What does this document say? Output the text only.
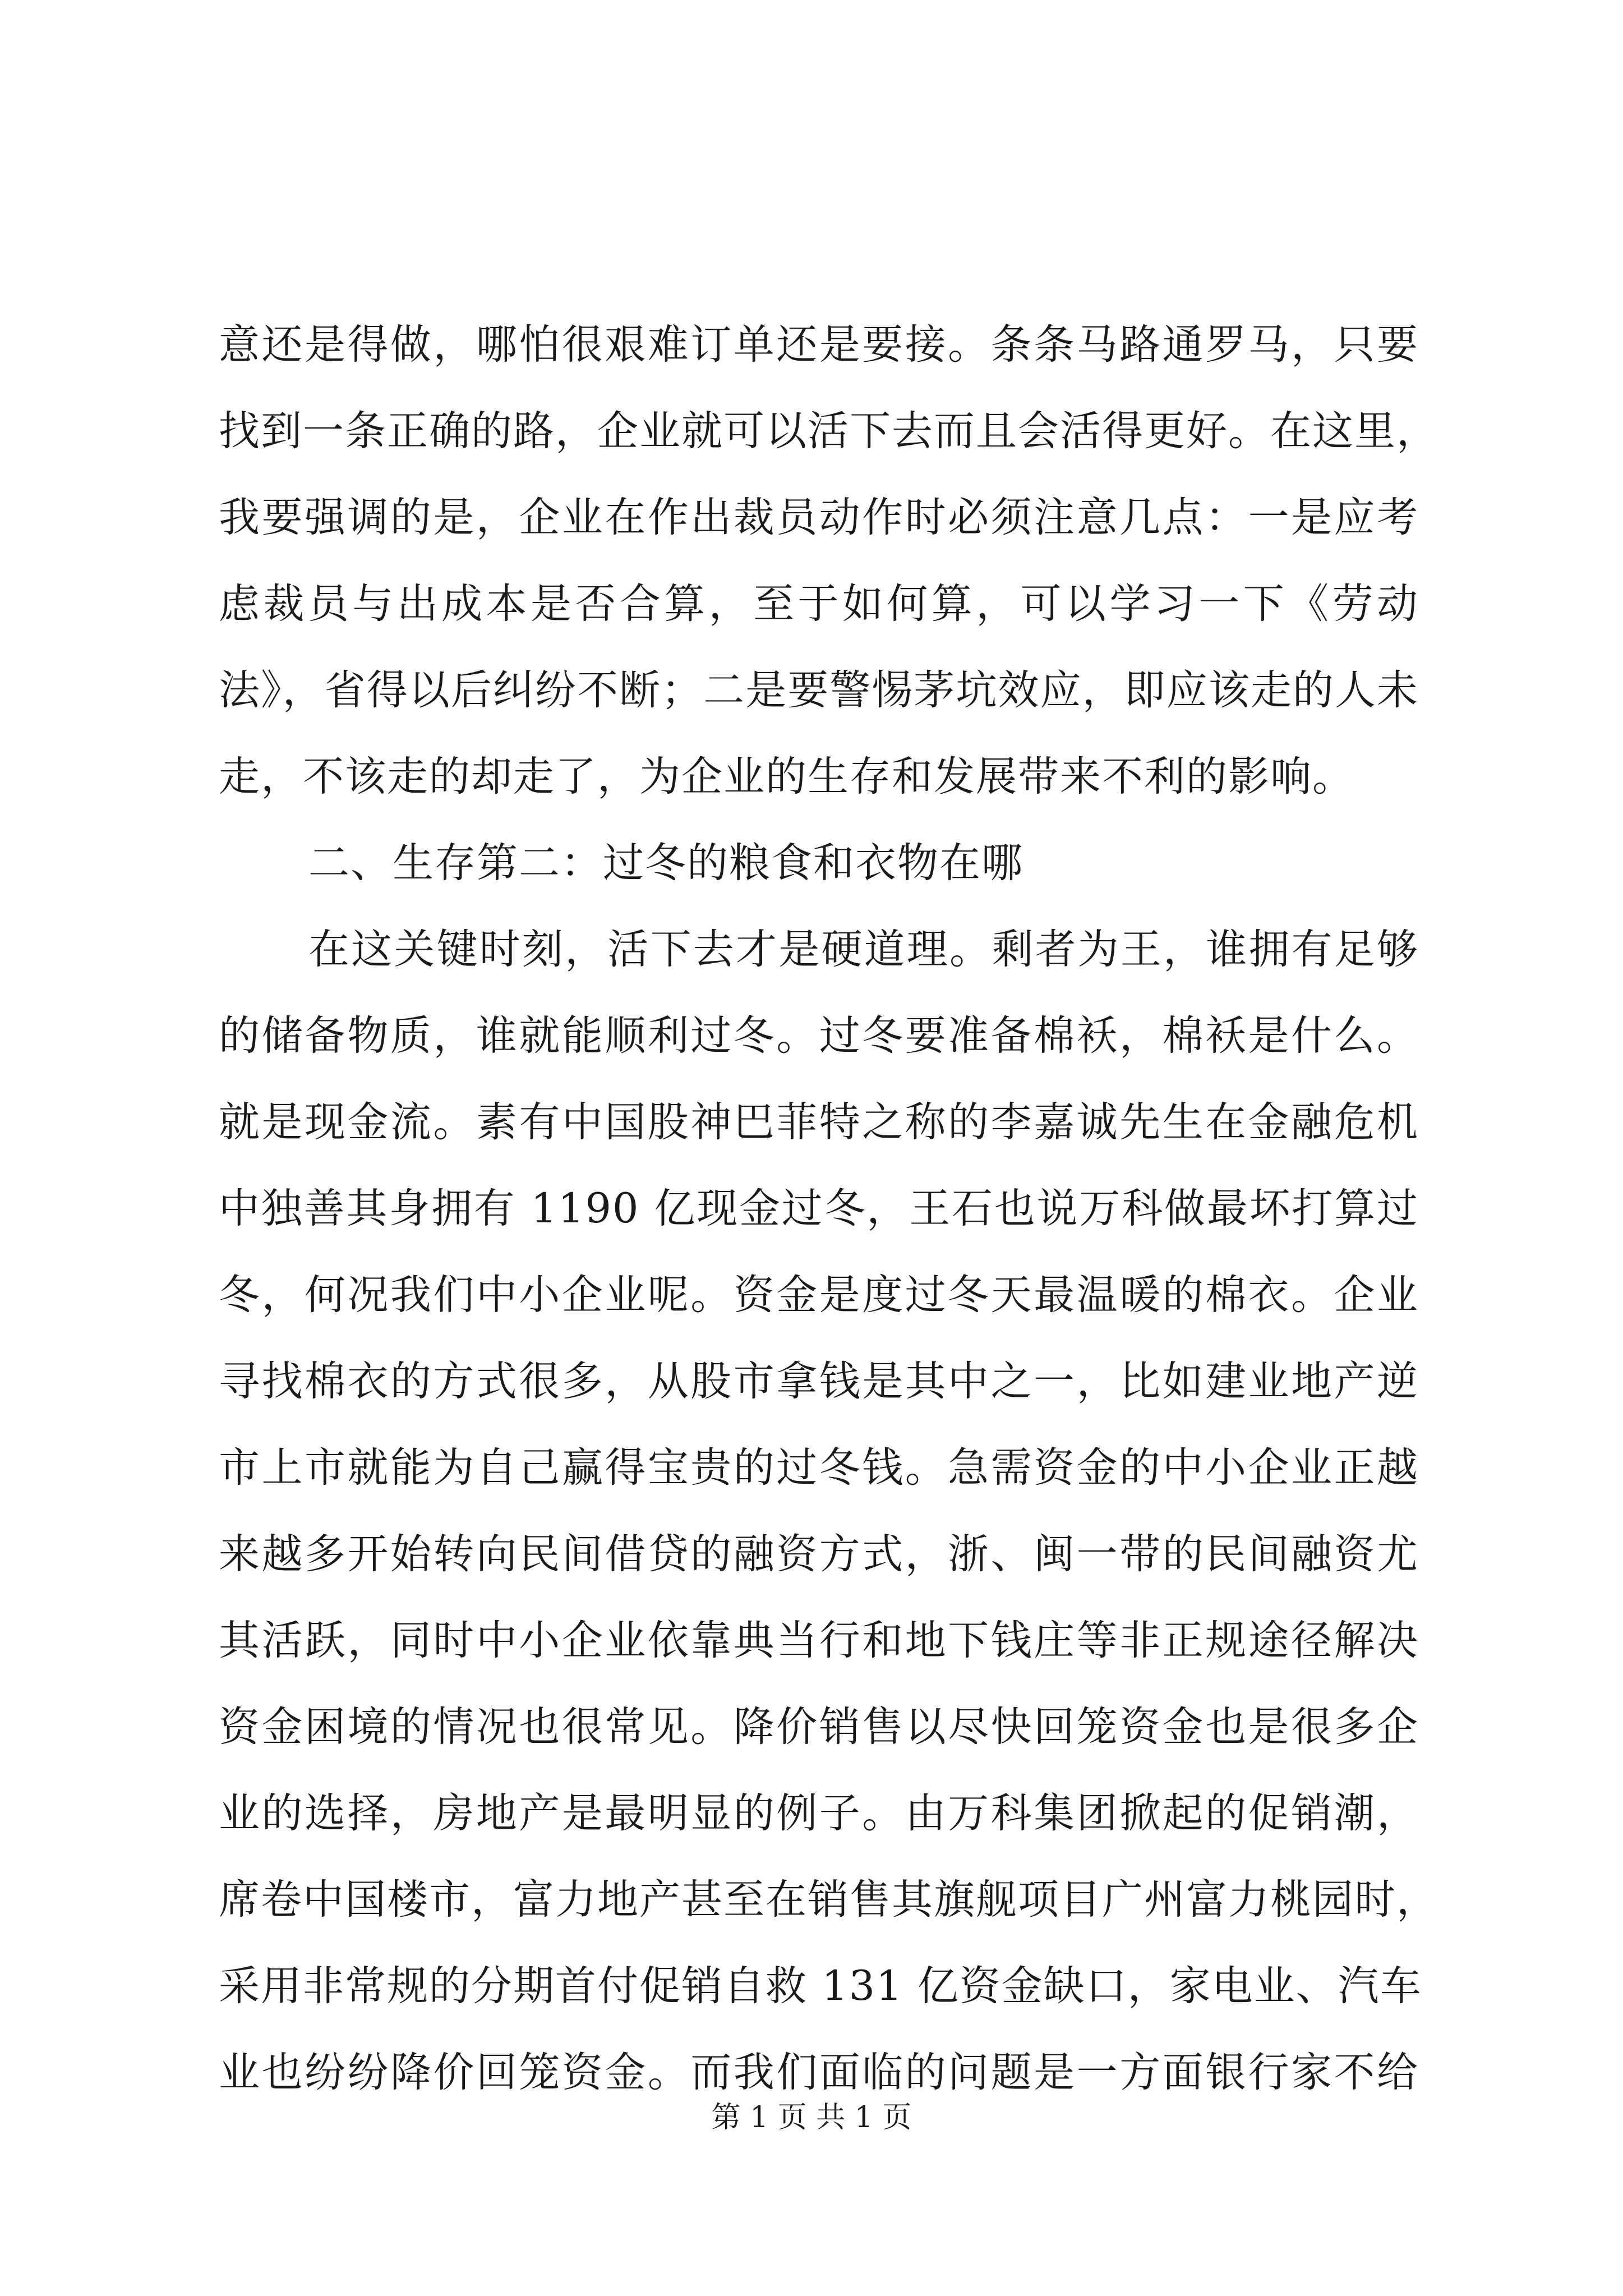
意还是得做，哪怕很艰难订单还是要接。条条马路通罗马，只要
找到一条正确的路，企业就可以活下去而且会活得更好。在这里，
我要强调的是，企业在作出裁员动作时必须注意几点：一是应考
虑裁员与出成本是否合算，至于如何算，可以学习一下《劳动
法》，省得以后纠纷不断；二是要警惕茅坑效应，即应该走的人未
走，不该走的却走了，为企业的生存和发展带来不利的影响。
二、生存第二：过冬的粮食和衣物在哪
在这关键时刻，活下去才是硬道理。剩者为王，谁拥有足够
的储备物质，谁就能顺利过冬。过冬要准备棉袄，棉袄是什么。
就是现金流。素有中国股神巴菲特之称的李嘉诚先生在金融危机
中独善其身拥有 1190 亿现金过冬，王石也说万科做最坏打算过
冬，何况我们中小企业呢。资金是度过冬天最温暖的棉衣。企业
寻找棉衣的方式很多，从股市拿钱是其中之一，比如建业地产逆
市上市就能为自己赢得宝贵的过冬钱。急需资金的中小企业正越
来越多开始转向民间借贷的融资方式，浙、闽一带的民间融资尤
其活跃，同时中小企业依靠典当行和地下钱庄等非正规途径解决
资金困境的情况也很常见。降价销售以尽快回笼资金也是很多企
业的选择，房地产是最明显的例子。由万科集团掀起的促销潮，
席卷中国楼市，富力地产甚至在销售其旗舰项目广州富力桃园时，
采用非常规的分期首付促销自救 131 亿资金缺口，家电业、汽车
业也纷纷降价回笼资金。而我们面临的问题是一方面银行家不给
第 1 页 共 1 页
